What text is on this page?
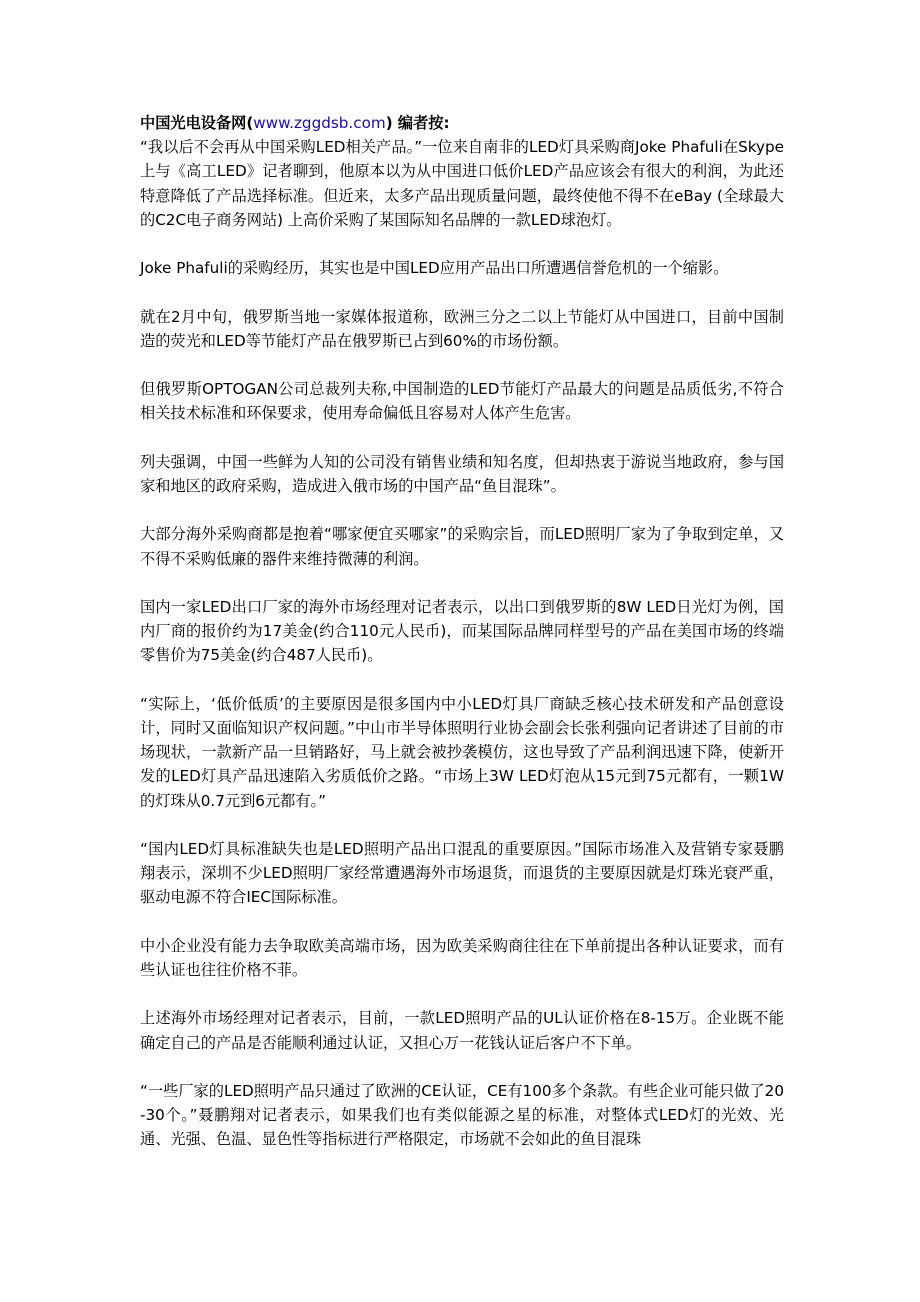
中国光电设备网(www.zggdsb.com) 编者按:

“我以后不会再从中国采购LED相关产品。”一位来自南非的LED灯具采购商Joke Phafuli在Skype上与《高工LED》记者聊到，他原本以为从中国进口低价LED产品应该会有很大的利润，为此还特意降低了产品选择标准。但近来，太多产品出现质量问题，最终使他不得不在eBay (全球最大的C2C电子商务网站) 上高价采购了某国际知名品牌的一款LED球泡灯。

Joke Phafuli的采购经历，其实也是中国LED应用产品出口所遭遇信誉危机的一个缩影。

就在2月中旬，俄罗斯当地一家媒体报道称，欧洲三分之二以上节能灯从中国进口，目前中国制造的荧光和LED等节能灯产品在俄罗斯已占到60%的市场份额。

但俄罗斯OPTOGAN公司总裁列夫称,中国制造的LED节能灯产品最大的问题是品质低劣,不符合相关技术标准和环保要求，使用寿命偏低且容易对人体产生危害。

列夫强调，中国一些鲜为人知的公司没有销售业绩和知名度，但却热衷于游说当地政府，参与国家和地区的政府采购，造成进入俄市场的中国产品“鱼目混珠”。

大部分海外采购商都是抱着“哪家便宜买哪家”的采购宗旨，而LED照明厂家为了争取到定单，又不得不采购低廉的器件来维持微薄的利润。

国内一家LED出口厂家的海外市场经理对记者表示，以出口到俄罗斯的8W LED日光灯为例，国内厂商的报价约为17美金(约合110元人民币)，而某国际品牌同样型号的产品在美国市场的终端零售价为75美金(约合487人民币)。

“实际上，‘低价低质’的主要原因是很多国内中小LED灯具厂商缺乏核心技术研发和产品创意设计，同时又面临知识产权问题。”中山市半导体照明行业协会副会长张利强向记者讲述了目前的市场现状，一款新产品一旦销路好，马上就会被抄袭模仿，这也导致了产品利润迅速下降，使新开发的LED灯具产品迅速陷入劣质低价之路。“市场上3W LED灯泡从15元到75元都有，一颗1W的灯珠从0.7元到6元都有。”

“国内LED灯具标准缺失也是LED照明产品出口混乱的重要原因。”国际市场准入及营销专家聂鹏翔表示，深圳不少LED照明厂家经常遭遇海外市场退货，而退货的主要原因就是灯珠光衰严重，驱动电源不符合IEC国际标准。

中小企业没有能力去争取欧美高端市场，因为欧美采购商往往在下单前提出各种认证要求，而有些认证也往往价格不菲。

上述海外市场经理对记者表示，目前，一款LED照明产品的UL认证价格在8-15万。企业既不能确定自己的产品是否能顺利通过认证，又担心万一花钱认证后客户不下单。

“一些厂家的LED照明产品只通过了欧洲的CE认证，CE有100多个条款。有些企业可能只做了20-30个。”聂鹏翔对记者表示，如果我们也有类似能源之星的标准，对整体式LED灯的光效、光通、光强、色温、显色性等指标进行严格限定，市场就不会如此的鱼目混珠
